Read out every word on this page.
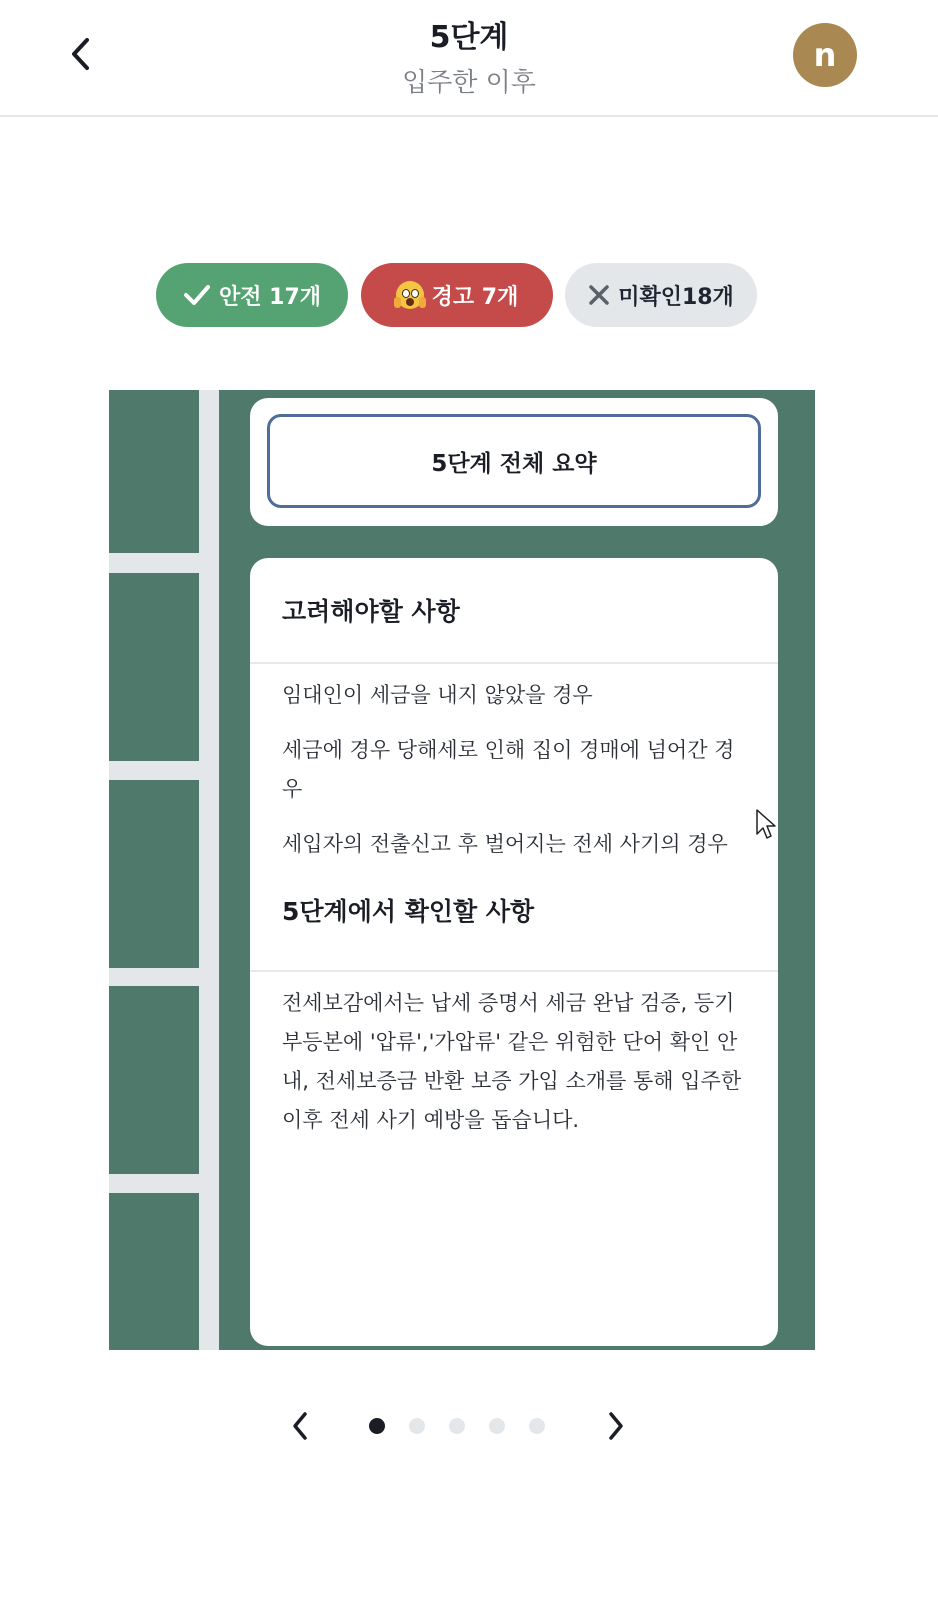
5단계
입주한 이후
n
안전 17개	경고 7개	미확인18개
5단계 전체 요약
고려해야할 사항
임대인이 세금을 내지 않았을 경우
세금에 경우 당해세로 인해 집이 경매에 넘어간 경우
세입자의 전출신고 후 벌어지는 전세 사기의 경우
5단계에서 확인할 사항
전세보감에서는 납세 증명서 세금 완납 검증, 등기부등본에 '압류','가압류' 같은 위험한 단어 확인 안내, 전세보증금 반환 보증 가입 소개를 통해 입주한 이후 전세 사기 예방을 돕습니다.
